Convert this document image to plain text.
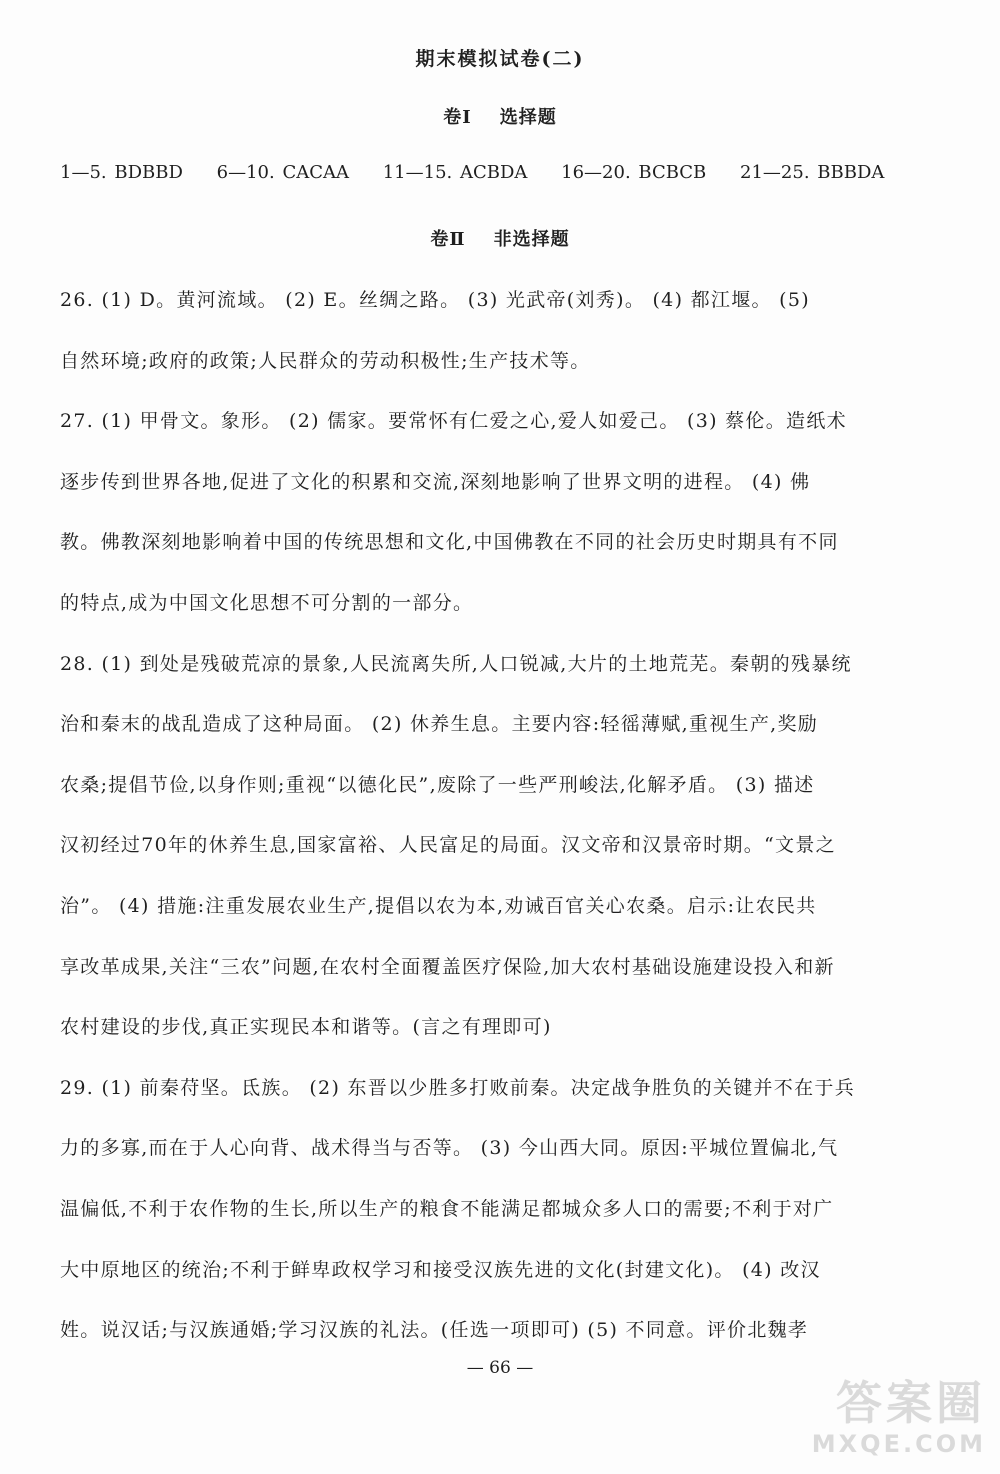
期末模拟试卷(二)
卷Ⅰ 选择题
1—5. BDBBD 6—10. CACAA 11—15. ACBDA 16—20. BCBCB 21—25. BBBDA
卷Ⅱ 非选择题
26. (1) D。黄河流域。 (2) E。丝绸之路。 (3) 光武帝(刘秀)。 (4) 都江堰。 (5)
自然环境;政府的政策;人民群众的劳动积极性;生产技术等。
27. (1) 甲骨文。象形。 (2) 儒家。要常怀有仁爱之心,爱人如爱己。 (3) 蔡伦。造纸术
逐步传到世界各地,促进了文化的积累和交流,深刻地影响了世界文明的进程。 (4) 佛
教。佛教深刻地影响着中国的传统思想和文化,中国佛教在不同的社会历史时期具有不同
的特点,成为中国文化思想不可分割的一部分。
28. (1) 到处是残破荒凉的景象,人民流离失所,人口锐减,大片的土地荒芜。秦朝的残暴统
治和秦末的战乱造成了这种局面。 (2) 休养生息。主要内容:轻徭薄赋,重视生产,奖励
农桑;提倡节俭,以身作则;重视“以德化民”,废除了一些严刑峻法,化解矛盾。 (3) 描述
汉初经过70年的休养生息,国家富裕、人民富足的局面。汉文帝和汉景帝时期。“文景之
治”。 (4) 措施:注重发展农业生产,提倡以农为本,劝诫百官关心农桑。启示:让农民共
享改革成果,关注“三农”问题,在农村全面覆盖医疗保险,加大农村基础设施建设投入和新
农村建设的步伐,真正实现民本和谐等。(言之有理即可)
29. (1) 前秦苻坚。氐族。 (2) 东晋以少胜多打败前秦。决定战争胜负的关键并不在于兵
力的多寡,而在于人心向背、战术得当与否等。 (3) 今山西大同。原因:平城位置偏北,气
温偏低,不利于农作物的生长,所以生产的粮食不能满足都城众多人口的需要;不利于对广
大中原地区的统治;不利于鲜卑政权学习和接受汉族先进的文化(封建文化)。 (4) 改汉
姓。说汉话;与汉族通婚;学习汉族的礼法。(任选一项即可) (5) 不同意。评价北魏孝
— 66 —
答案圈
MXQE.COM
